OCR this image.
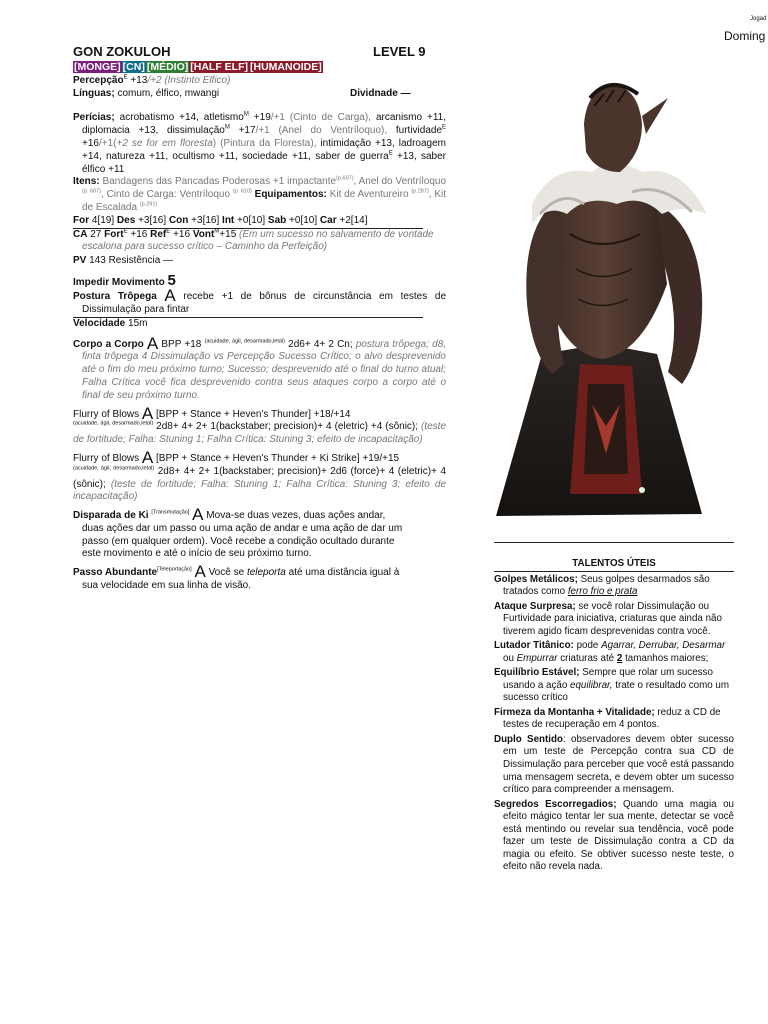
Jogad
Doming
GON ZOKULOH	LEVEL 9
[MONGE] [CN] [MÉDIO] [HALF ELF] [HUMANOIDE]
Percepção$^E$ +13/+2 (Instinto Elfico)
Línguas; comum, élfico, mwangi	Dividnade —

Perícias; acrobatismo +14, atletismo$^M$ +19/+1 (Cinto de Carga), arcanismo +11, diplomacia +13, dissimulação$^M$ +17/+1 (Anel do Ventríloquo), furtividade$^E$ +16/+1(+2 se for em floresta) (Pintura da Floresta), intimidação +13, ladroagem +14, natureza +11, ocultismo +11, sociedade +11, saber de guerra$^E$ +13, saber élfico +11

Itens: Bandagens das Pancadas Poderosas +1 impactante$^{(p.607)}$, Anel do Ventríloquo $^{(p. 607)}$, Cinto de Carga: Ventríloquo $^{(p. 610)}$ Equipamentos: Kit de Aventureiro $^{(p.287)}$, Kit de Escalada $^{(p.291)}$

For 4[19] Des +3[16] Con +3[16] Int +0[10] Sab +0[10] Car +2[14]

CA 27 Fort$^E$ +16 Ref$^E$ +16 Vont$^M$+15 (Em um sucesso no salvamento de vontade escalona para sucesso crítico – Caminho da Perfeição)

PV 143 Resistência —
Impedir Movimento 5

Postura Trôpega A recebe +1 de bônus de circunstância em testes de Dissimulação para fintar

Velocidade 15m

Corpo a Corpo A BPP +18 $^{(acuidade, ágil, desarmado,letal)}$ 2d6+ 4+ 2 Cn; postura trôpega; d8, finta trôpega 4 Dissimulação vs Percepção Sucesso Crítico; o alvo desprevenido até o fim do meu próximo turno; Sucesso; desprevenido até o final do turno atual; Falha Crítica você fica desprevenido contra seus ataques corpo a corpo até o final de seu próximo turno.

Flurry of Blows A [BPP + Stance + Heven's Thunder] +18/+14
$^{(acuidade, ágil, desarmado,letal)}$ 2d8+ 4+ 2+ 1(backstaber; precision)+ 4 (eletric) +4 (sônic); (teste de fortitude; Falha: Stuning 1; Falha Crítica: Stuning 3; efeito de incapacitação)

Flurry of Blows A [BPP + Stance + Heven's Thunder + Ki Strike] +19/+15
$^{(acuidade, ágil, desarmado,letal)}$ 2d8+ 4+ 2+ 1(backstaber; precision)+ 2d6 (force)+ 4 (eletric)+ 4 (sônic); (teste de fortitude; Falha: Stuning 1; Falha Crítica: Stuning 3; efeito de incapacitação)

Disparada de Ki [Transmutação] A Mova-se duas vezes, duas ações andar, duas ações dar um passo ou uma ação de andar e uma ação de dar um passo (em qualquer ordem). Você recebe a condição ocultado durante este movimento e até o início de seu próximo turno.

Passo Abundante[Teleportação] A Você se teleporta até uma distância igual à sua velocidade em sua linha de visão.

TALENTOS ÚTEIS

Golpes Metálicos; Seus golpes desarmados são tratados como ferro frio e prata

Ataque Surpresa; se você rolar Dissimulação ou Furtividade para iniciativa, criaturas que ainda não tiverem agido ficam desprevenidas contra você.

Lutador Titânico: pode Agarrar, Derrubar, Desarmar ou Empurrar criaturas até 2 tamanhos maiores;

Equilíbrio Estável; Sempre que rolar um sucesso usando a ação equilibrar, trate o resultado como um sucesso crítico

Firmeza da Montanha + Vitalidade; reduz a CD de testes de recuperação em 4 pontos.

Duplo Sentido: observadores devem obter sucesso em um teste de Percepção contra sua CD de Dissimulação para perceber que você está passando uma mensagem secreta, e devem obter um sucesso crítico para compreender a mensagem.

Segredos Escorregadios; Quando uma magia ou efeito mágico tentar ler sua mente, detectar se você está mentindo ou revelar sua tendência, você pode fazer um teste de Dissimulação contra a CD da magia ou efeito. Se obtiver sucesso neste teste, o efeito não revela nada.
